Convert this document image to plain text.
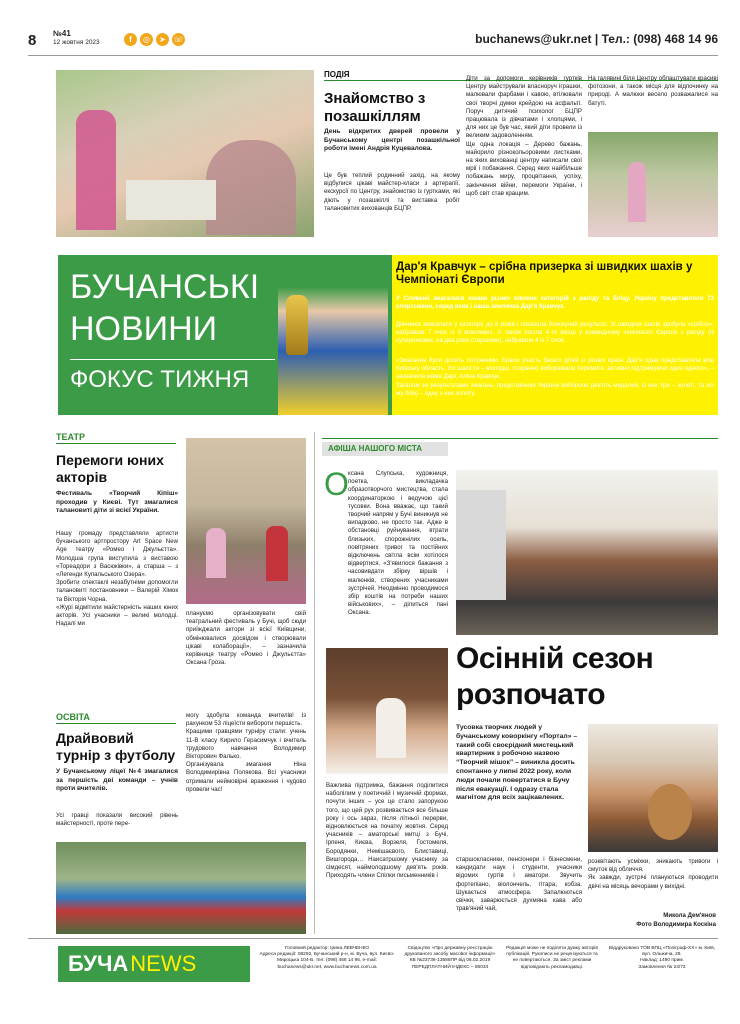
8 №41
12 жовтня 2023	f	◎	➤ ☏	buchanews@ukr.net | Тел.: (098) 468 14 96
ПОДІЯ
Знайомство з позашкіллям
День відкритих дверей провели у Бучанському центрі позашкільної роботи імені Андрія Куцевалова.
Це був теплий родинний захід, на якому відбулися цікаві майстер-класи з артерапії, екскурсії по Центру, знайомство із гуртками, які діють у позашкіллі та виставка робіт талановитих вихованців БЦПР.
Діти за допомоги керівників гуртків Центру майстрували власноруч іграшки, малювали фарбами і кавою, втілювали свої творчі думки крейдою на асфальті. Поруч дитячий психолог БЦПР працювала із дівчатами і хлопцями, і для них це був час, який діти провели із великим задоволенням.
Ще одна локація – Дерево бажань, майорило різнокольоровими листками, на яких вихованці центру написали свої мрії і побажання. Серед яких найбільше побажань миру, процвітання, успіху, закінчення війни, перемоги України, і щоб світ став кращим.
На галявині біля Центру облаштувати красиві фотозони, а також місця для відпочинку на природі. А малюки весело розважалися на батуті.
БУЧАНСЬКІ
НОВИНИ
ФОКУС ТИЖНЯ
Дар'я Кравчук – срібна призерка зі швидких шахів у Чемпіонаті Європи
У Словенії змагалися юнаки різних вікових категорій з рапіду та бліцу. Україну представляли 73 спортсмени, серед яких і наша землячка Дар'я Кравчук.
Дівчинка змагалася у категорії до 8 років і показала блискучий результат. Зі швидких шахів здобула «срібло», набравши 7 очок із 9 можливих. А також посіла 4-те місце у командному чемпіонаті Європи з рапіду (із суперниками, на два роки старшими), набравши 4 із 7 очок.
«Змагання були досить потужними. Брали участь багато дітей із різних країн. Дар'я одна представляла всю Київську область. Усі шахісти – молодці, старанно виборювали перемоги, активно підтримуючи один одного», – зазначила мама Дарі, Аліна Кравчук.
Загалом за результатами змагань, представники України вибороли дев'ять медалей, із них три – золоті, та всі му бліці – одну з них золоту.
ТЕАТР
Перемоги юних акторів
Фестиваль «Творчий Кіпіш» проходив у Києві. Тут змагалися талановиті діти зі всієї України.
Нашу громаду представляли артисти бучанського артпростору Art Space New Age театру «Ромео і Джульєтта». Молодша група виступила з виставою «Тореадори з Васюківки», а старша – з «Легенди Купальського Озера».
Зробити спектаклі незабутніми допомогли талановиті постановники – Валерій Хімок та Вікторія Чорна.
«Журі відмітили майстерність наших юних акторів. Усі учасники – великі молодці. Надалі ми
плануємо організовувати свій театральний фестиваль у Бучі, щоб сюди приїжджали актори зі всієї Київщини, обмінювалися досвідом і створювали цікаві колаборації», – зазначила керівниця театру «Ромео і Джульєтта» Оксана Гроза.
ОСВІТА
Драйвовий турнір з футболу
У Бучанському ліцеї №4 змагалися за першість дві команди – учнів проти вчителів.
Усі гравці показали високий рівень майстерності, проте пере-
могу здобула команда вчителів! Із рахунком 53 ліцеїсти вибороти першість.
Кращими гравцями турніру стали: учень 11-В класу Кирило Герасимчук і вчитель трудового навчання Володимир Вікторович Фалько.
Організувала змагання Ніна Володимирівна Полякова. Всі учасники отримали неймовірні враження і чудово провели час!
АФІША НАШОГО МІСТА
О ксана Слупська, художниця, поетка, викладачка образотворчого мистецтва, стала координаторкою і ведучою цієї тусовки. Вона вважає, що такий творчий напрям у Бучі виникнув не випадково, не просто так. Адже в обстановці руйнування, втрати близьких, спорожнілих осель, повітряних тривог та постійних відключень світла всім хотілося відвертися. «З'явилося бажання з часовивдати збірку віршів і малюнків, створених учасниками зустрічей. Неодмінно проводимося збір коштів на потреби наших військових», – ділиться пані Оксана.
Важлива підтримка, бажання поділитися наболілим у поетичній і музичній формах, почути інших – усе це стало запорукою того, що цей рух розвивається все більше року і ось зараз, після літньої перерви, відновлюється на початку жовтня. Серед учасників – аматорські митці з Бучі, Ірпеня, Києва, Ворзеля, Гостомеля, Бородянки, Немішаєвого, Блиставиці, Вишгорода… Наисатршому учаснику за сімдесят, наймолодшому дев'ять років. Приходять члени Спілки письменників і
Осінній сезон
розпочато
Тусовка творчих людей у бучанському коворкінгу «Портал» – такий собі своєрідний мистецький квартирник з робочою назвою “Творчий мішок” – виникла досить спонтанно у липні 2022 року, коли люди почали повертатися в Бучу після евакуації. І одразу стала магнітом для всіх зацікавлених.
старшокласники, пенсіонери і бізнесмени, кандидати наук і студенти, учасники відомих гуртів і аматори. Звучить фортепіано, віолончель, гітара, кобза. Шукається атмосфера. Запалюються свічки, заварюється духмяна кава або трав'яний чай,
розквітають усміхки, зникають тривоги і смуток від обличчя.
Як завжди, зустрічі плануються проводити двічі на місяць вечорами у вихідні.
Микола Дем'янов
Фото Володимира Коскіна
БУЧА NEWS
Головний редактор: Ірина ЛЕВЧЕНКО
Адреса редакції: 08292, Бучанський р-н, м. Буча, вул. Києво-Мироцька 104-Б, тел. (098) 468 14 96, e-mail: buchanews@ukr.net, www.buchanews.com.ua
Свідоцтво «Про державну реєстрацію друкованого засобу масової інформації» КВ №23736-13586ПР від 06.02.2019
ПЕРЕДПЛАТНИЙ ІНДЕКС – 86034
Редакція може не поділяти думку авторів публікацій. Рукописи не рецензуються та не повертаються. За зміст реклами відповідають рекламодавці.
Віддруковано ТОВ ВПЦ «Поліграф-XX» м. Київ, вул. Ольжича, 29.
Наклад: 1490 прим.
Замовлення № 24/72
